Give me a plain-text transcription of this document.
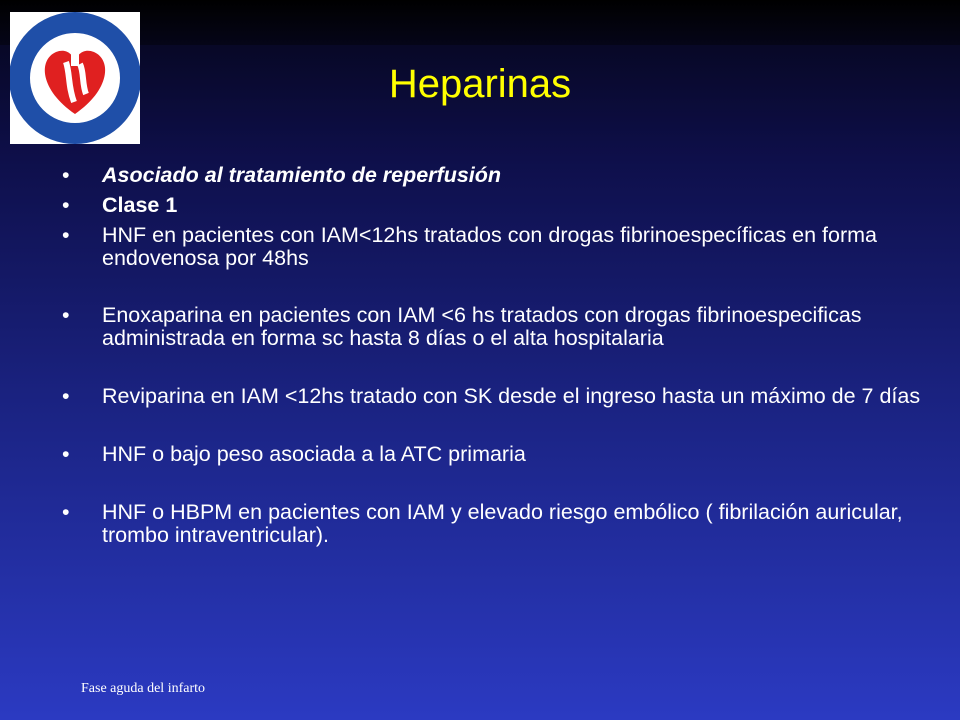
Heparinas
• Asociado al tratamiento de reperfusión
• Clase 1
• HNF en pacientes con IAM<12hs tratados con drogas fibrinoespecíficas en forma endovenosa por 48hs
• Enoxaparina en pacientes con IAM <6 hs tratados con drogas fibrinoespecificas administrada en forma sc hasta 8 días o el alta hospitalaria
• Reviparina en IAM <12hs tratado con SK desde el ingreso hasta un máximo de 7 días
• HNF o bajo peso asociada a la ATC primaria
• HNF o HBPM en pacientes con IAM y elevado riesgo embólico ( fibrilación auricular, trombo intraventricular).
Fase aguda del infarto
